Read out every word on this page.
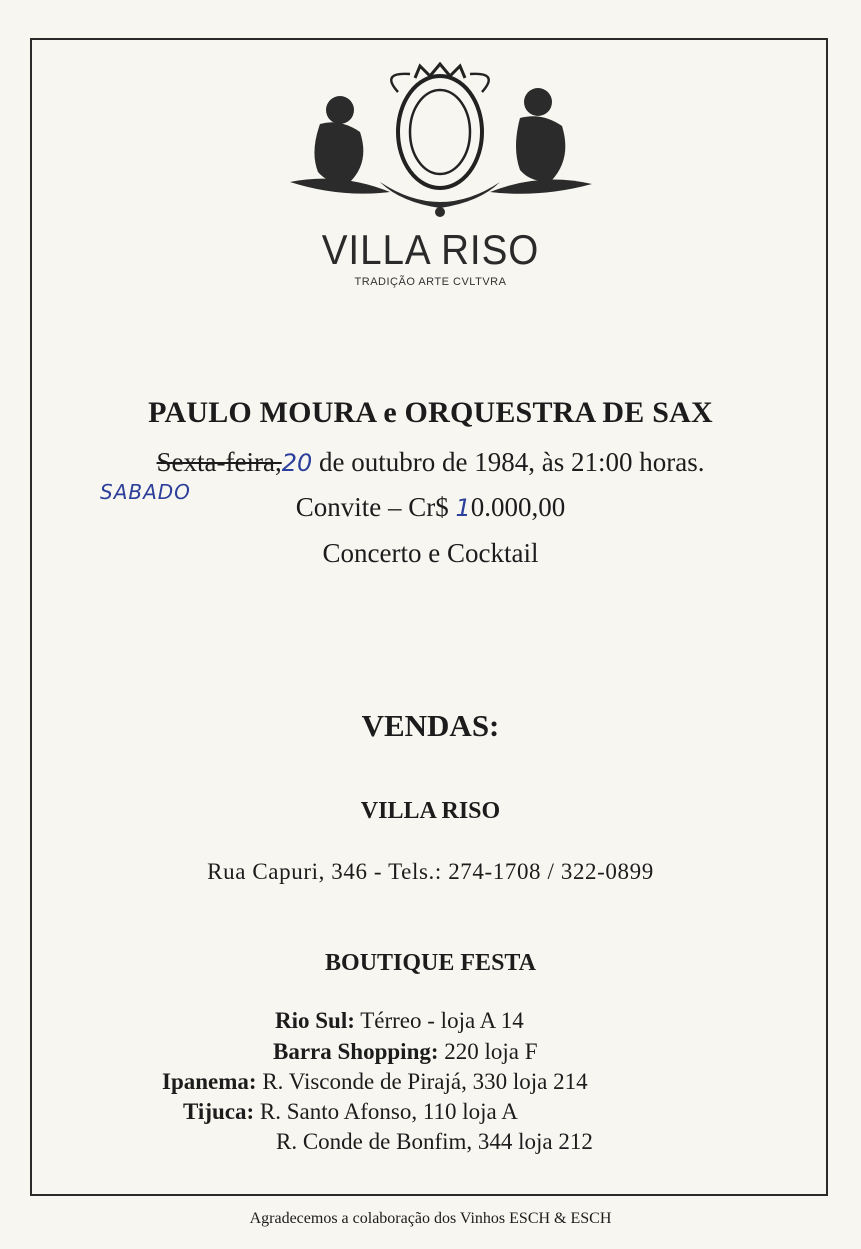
VILLA RISO
TRADIÇÃO ARTE CVLTVRA
PAULO MOURA e ORQUESTRA DE SAX
Sexta-feira,20 de outubro de 1984, às 21:00 horas.
SABADO	Convite – Cr$ 10.000,00
Concerto e Cocktail
VENDAS:
VILLA RISO
Rua Capuri, 346 - Tels.: 274-1708 / 322-0899
BOUTIQUE FESTA
Rio Sul: Térreo - loja A 14
Barra Shopping: 220 loja F
Ipanema: R. Visconde de Pirajá, 330 loja 214
Tijuca: R. Santo Afonso, 110 loja A
R. Conde de Bonfim, 344 loja 212
Agradecemos a colaboração dos Vinhos ESCH & ESCH
